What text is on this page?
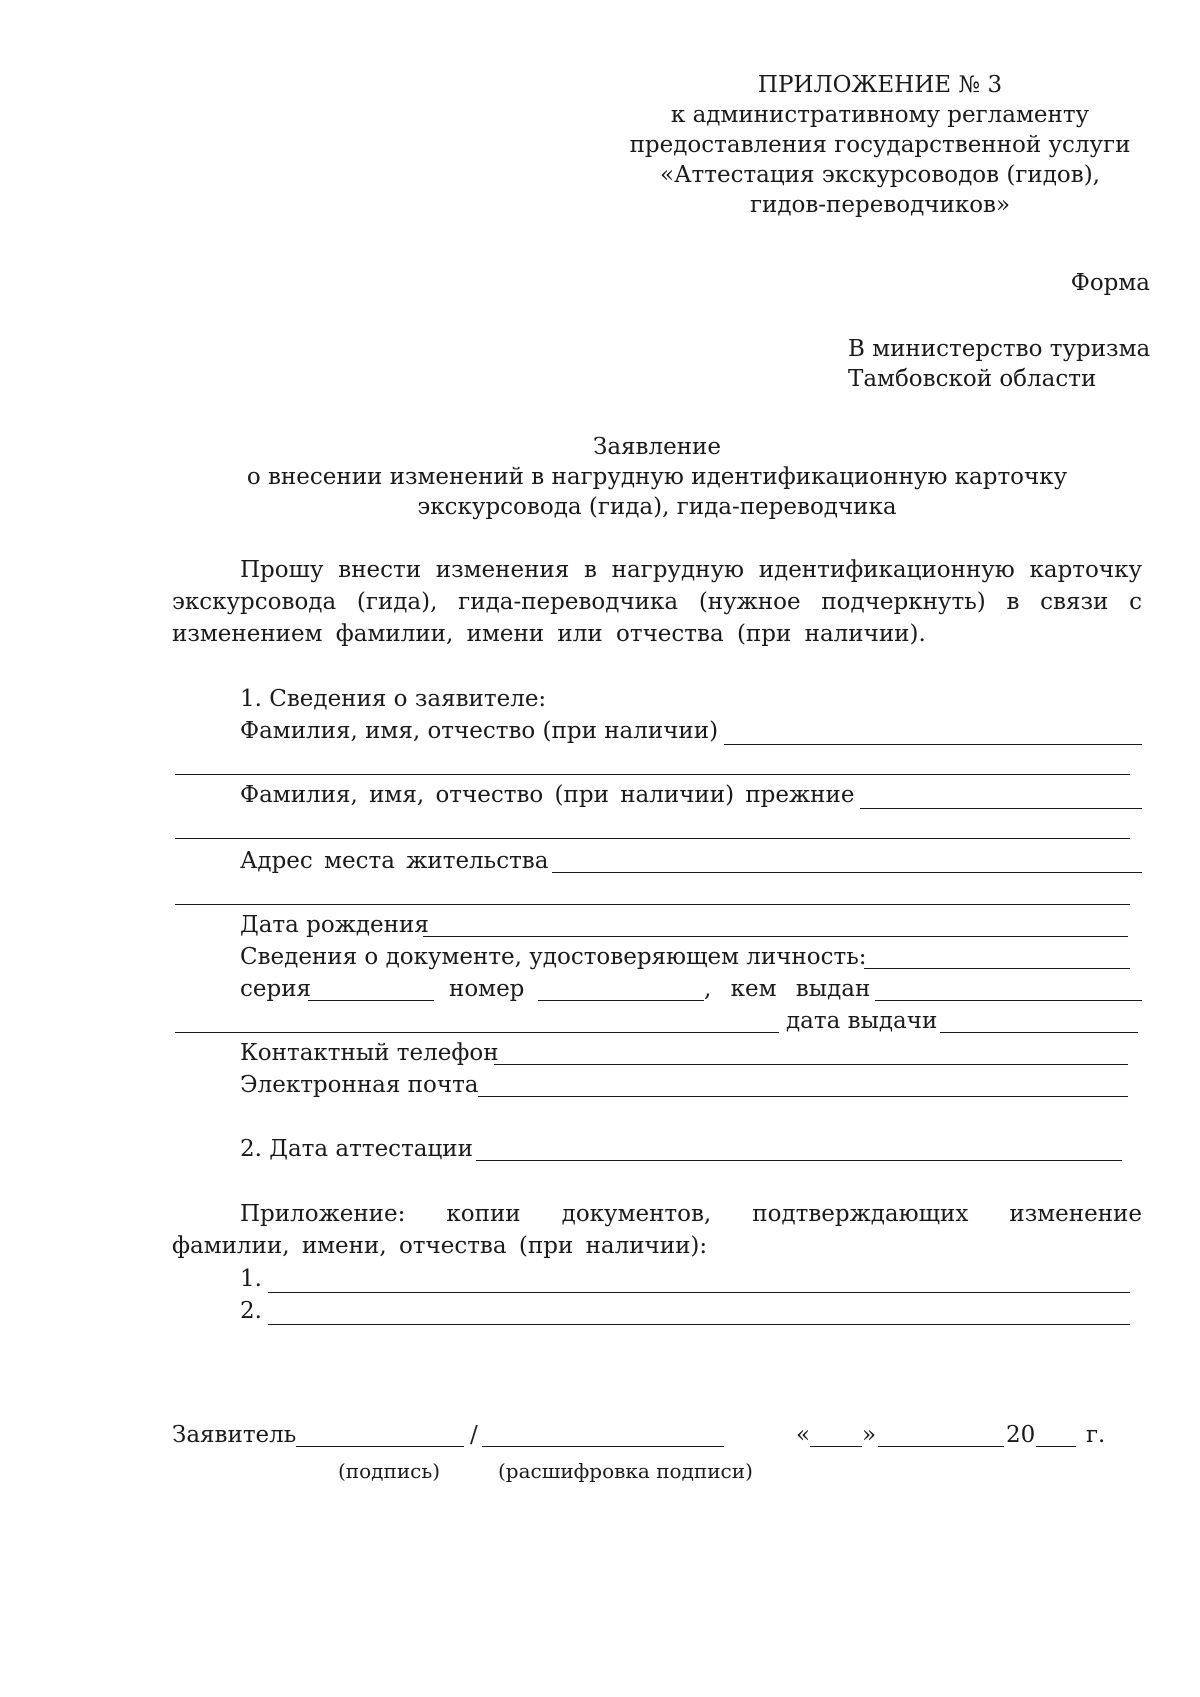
ПРИЛОЖЕНИЕ № 3
к административному регламенту
предоставления государственной услуги
«Аттестация экскурсоводов (гидов),
гидов-переводчиков»
Форма
В министерство туризма
Тамбовской области
Заявление
о внесении изменений в нагрудную идентификационную карточку
экскурсовода (гида), гида-переводчика
Прошу внести изменения в нагрудную идентификационную карточку экскурсовода (гида), гида-переводчика (нужное подчеркнуть) в связи с изменением фамилии, имени или отчества (при наличии).
1. Сведения о заявителе:
Фамилия, имя, отчество (при наличии)
Фамилия, имя, отчество (при наличии) прежние
Адрес места жительства
Дата рождения
Сведения о документе, удостоверяющем личность:
серия	номер	, кем выдан
дата выдачи
Контактный телефон
Электронная почта
2. Дата аттестации
Приложение: копии документов, подтверждающих изменение фамилии, имени, отчества (при наличии):
1.
2.
Заявитель	/	« »	20 г.
(подпись)	(расшифровка подписи)
